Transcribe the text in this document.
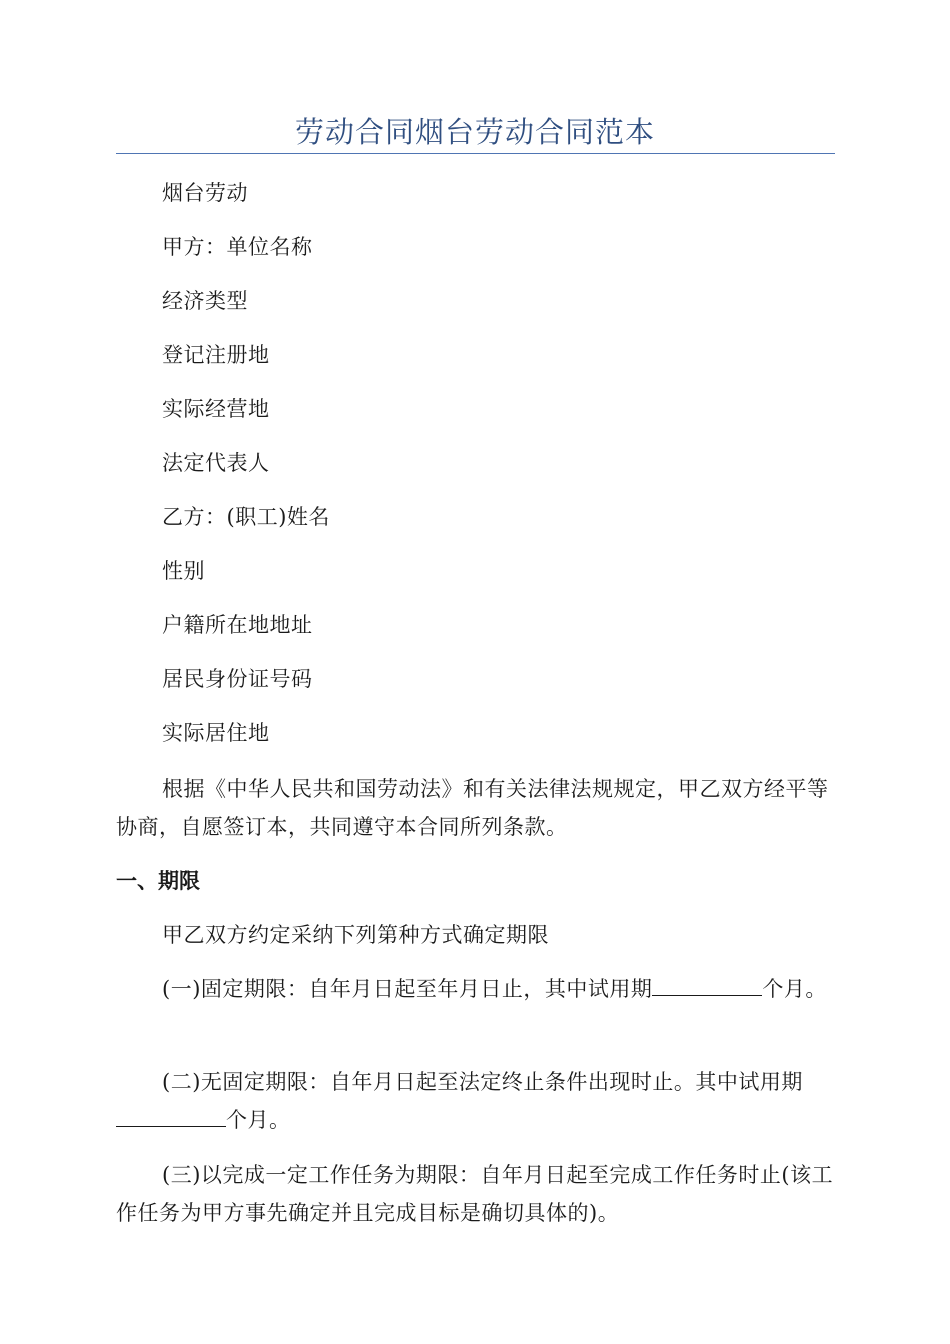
劳动合同烟台劳动合同范本
烟台劳动
甲方：单位名称
经济类型
登记注册地
实际经营地
法定代表人
乙方：(职工)姓名
性别
户籍所在地地址
居民身份证号码
实际居住地

根据《中华人民共和国劳动法》和有关法律法规规定，甲乙双方经平等协商，自愿签订本，共同遵守本合同所列条款。

一、期限
甲乙双方约定采纳下列第种方式确定期限

(一)固定期限：自年月日起至年月日止，其中试用期	个月。

(二)无固定期限：自年月日起至法定终止条件出现时止。其中试用期个月。

(三)以完成一定工作任务为期限：自年月日起至完成工作任务时止(该工作任务为甲方事先确定并且完成目标是确切具体的)。
